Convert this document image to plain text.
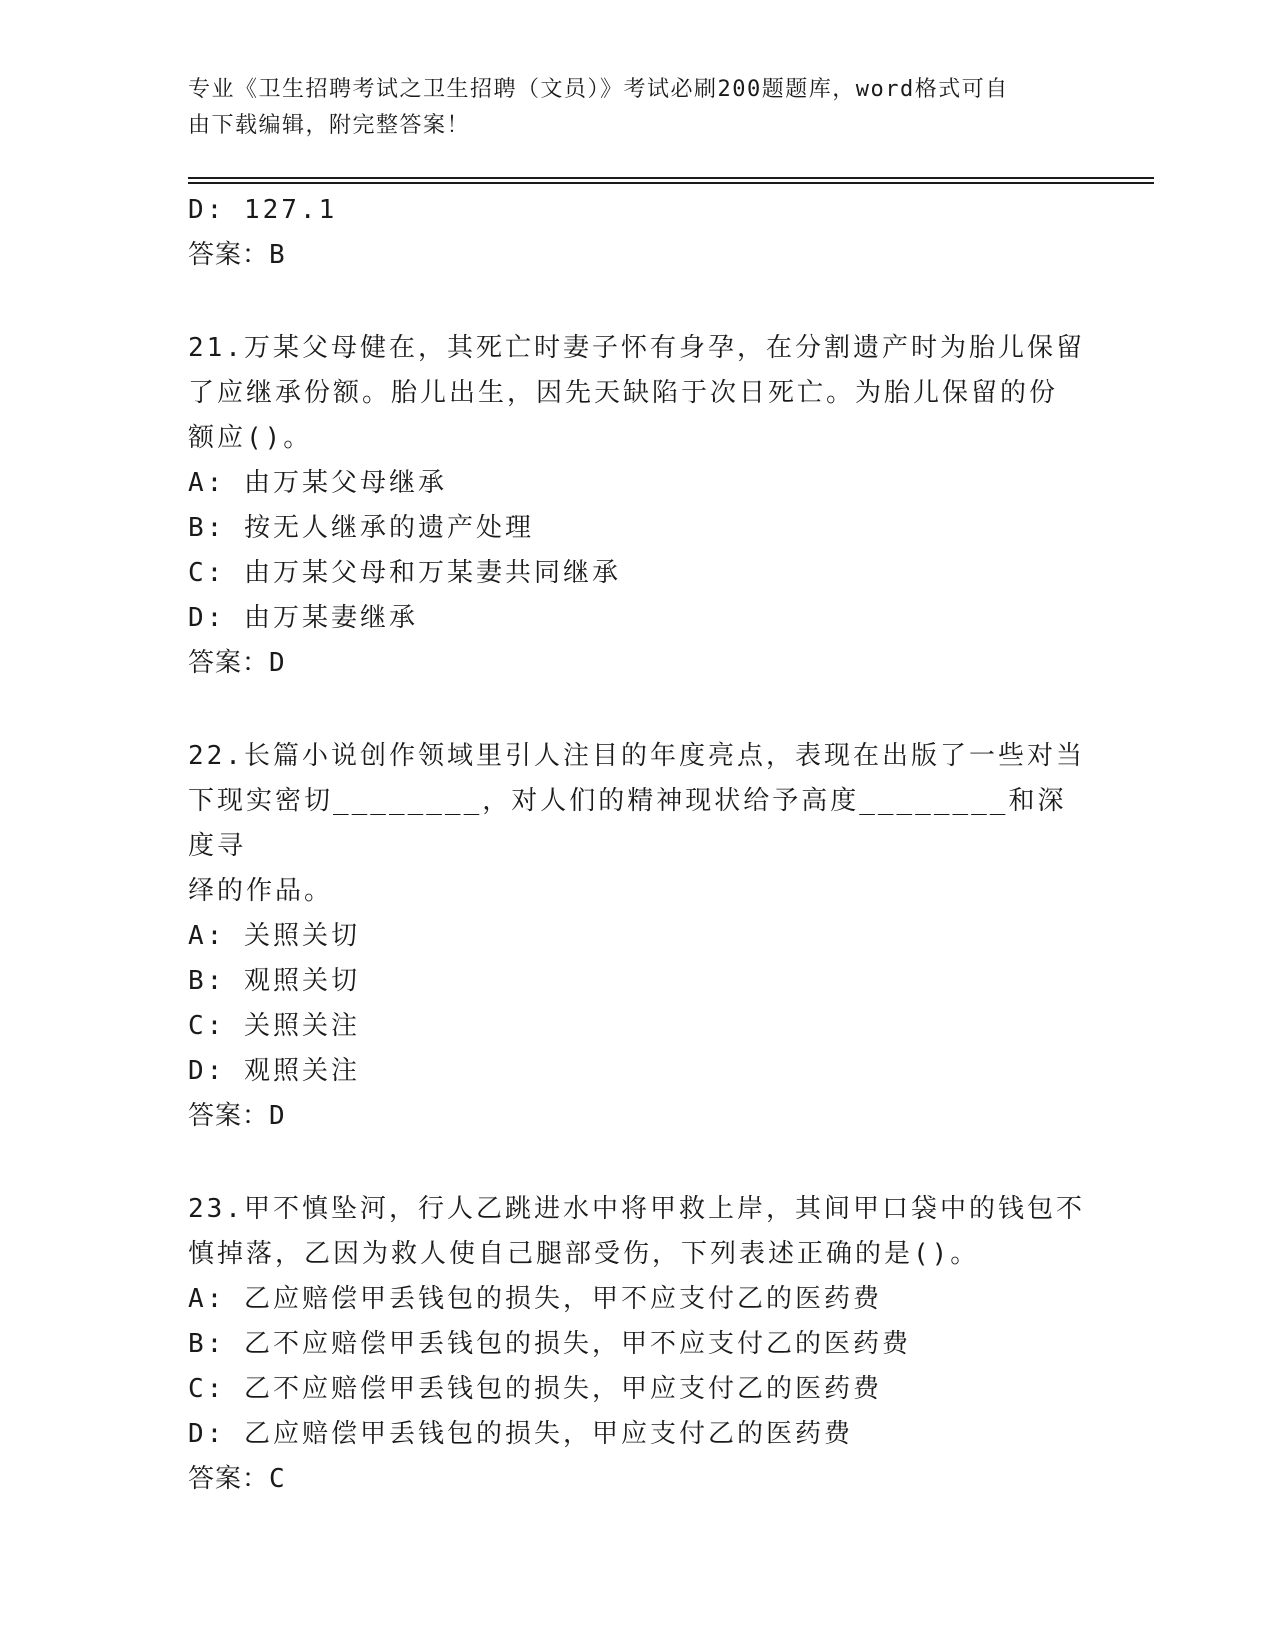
专业《卫生招聘考试之卫生招聘（文员）》考试必刷200题题库，word格式可自
由下载编辑，附完整答案！
D: 127.1
答案：B
21.万某父母健在，其死亡时妻子怀有身孕，在分割遗产时为胎儿保留
了应继承份额。胎儿出生，因先天缺陷于次日死亡。为胎儿保留的份
额应()。
A: 由万某父母继承
B: 按无人继承的遗产处理
C: 由万某父母和万某妻共同继承
D: 由万某妻继承
答案：D
22.长篇小说创作领域里引人注目的年度亮点，表现在出版了一些对当
下现实密切________，对人们的精神现状给予高度________和深度寻
绎的作品。
A: 关照关切
B: 观照关切
C: 关照关注
D: 观照关注
答案：D
23.甲不慎坠河，行人乙跳进水中将甲救上岸，其间甲口袋中的钱包不
慎掉落，乙因为救人使自己腿部受伤，下列表述正确的是()。
A: 乙应赔偿甲丢钱包的损失，甲不应支付乙的医药费
B: 乙不应赔偿甲丢钱包的损失，甲不应支付乙的医药费
C: 乙不应赔偿甲丢钱包的损失，甲应支付乙的医药费
D: 乙应赔偿甲丢钱包的损失，甲应支付乙的医药费
答案：C
